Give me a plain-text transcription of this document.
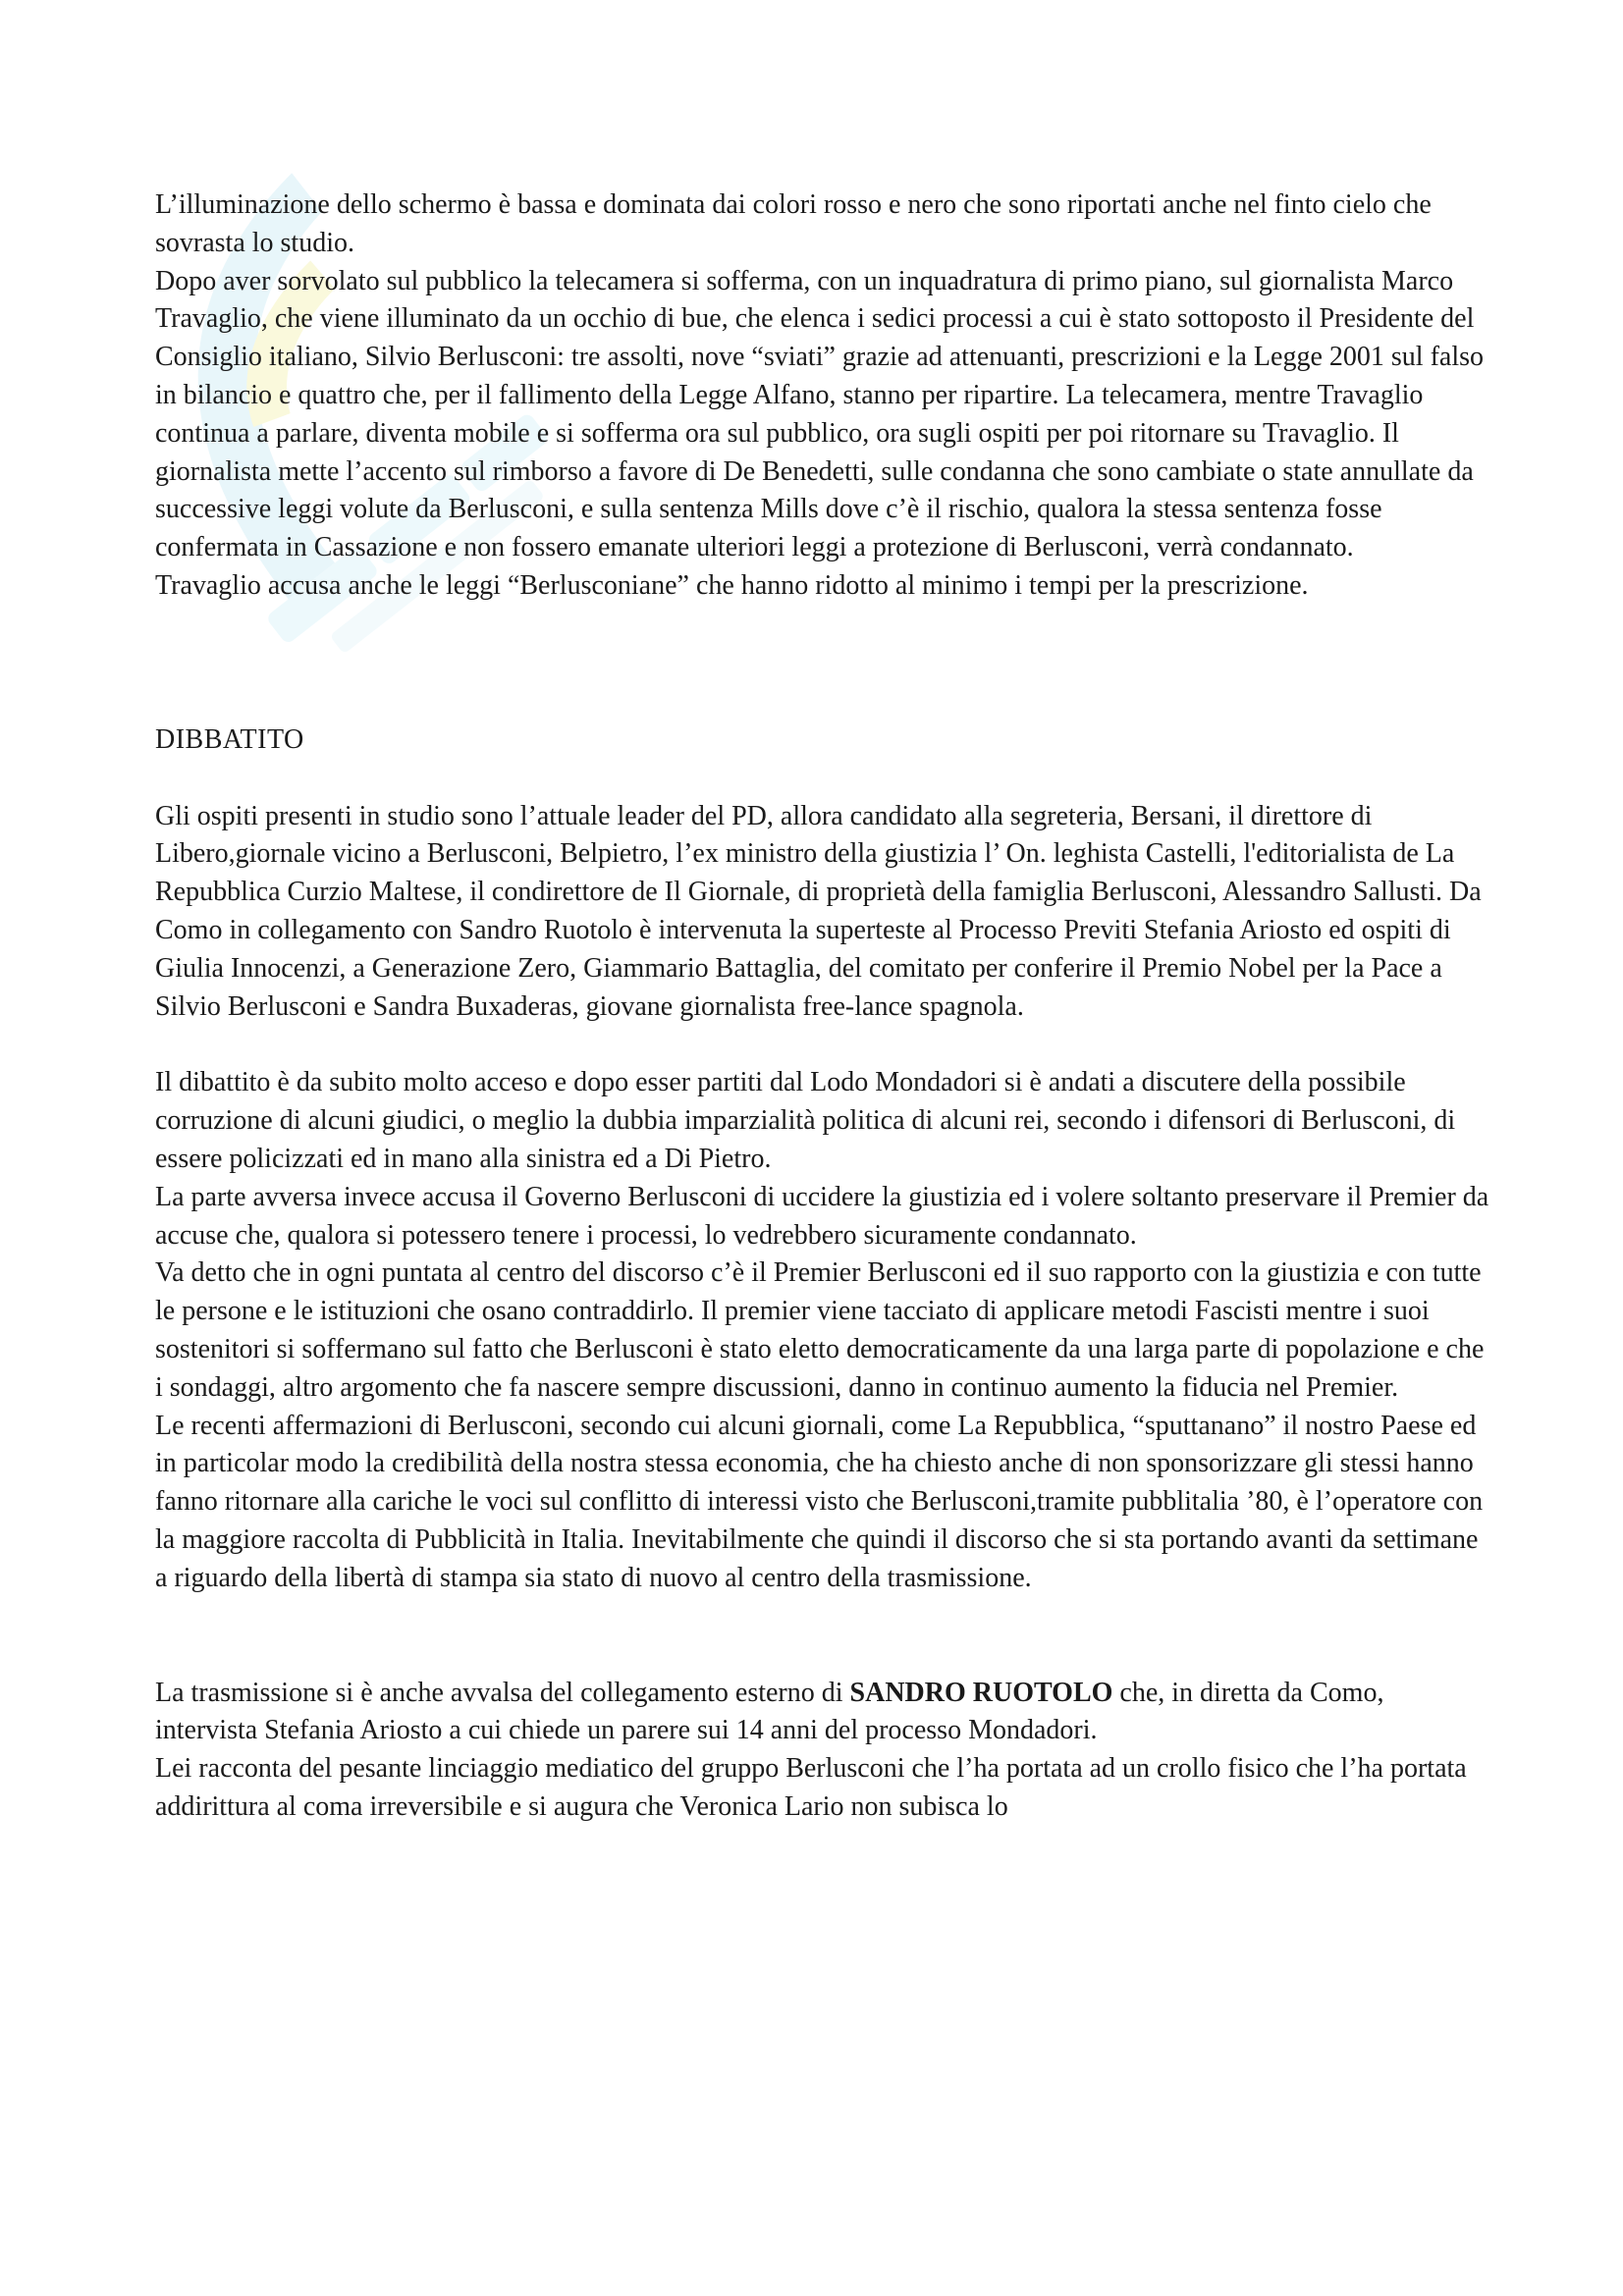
L’illuminazione dello schermo è bassa e dominata dai colori rosso e nero che sono riportati anche nel finto cielo che sovrasta lo studio.

Dopo aver sorvolato sul pubblico la telecamera si sofferma, con un inquadratura di primo piano, sul giornalista Marco Travaglio, che viene illuminato da un occhio di bue, che elenca i sedici processi a cui è stato sottoposto il Presidente del Consiglio italiano, Silvio Berlusconi: tre assolti, nove “sviati” grazie ad attenuanti, prescrizioni e la Legge 2001 sul falso in bilancio e quattro che, per il fallimento della Legge Alfano, stanno per ripartire. La telecamera, mentre Travaglio continua a parlare, diventa mobile e si sofferma ora sul pubblico, ora sugli ospiti per poi ritornare su Travaglio. Il giornalista mette l’accento sul rimborso a favore di De Benedetti, sulle condanna che sono cambiate o state annullate da successive leggi volute da Berlusconi, e sulla sentenza Mills dove c’è il rischio, qualora la stessa sentenza fosse confermata in Cassazione e non fossero emanate ulteriori leggi a protezione di Berlusconi, verrà condannato.

Travaglio accusa anche le leggi “Berlusconiane” che hanno ridotto al minimo i tempi per la prescrizione.

DIBBATITO

Gli ospiti presenti in studio sono l’attuale leader del PD, allora candidato alla segreteria, Bersani, il direttore di Libero,giornale vicino a Berlusconi, Belpietro, l’ex ministro della giustizia l’ On. leghista Castelli, l'editorialista de La Repubblica Curzio Maltese, il condirettore de Il Giornale, di proprietà della famiglia Berlusconi, Alessandro Sallusti. Da Como in collegamento con Sandro Ruotolo è intervenuta la superteste al Processo Previti Stefania Ariosto ed ospiti di Giulia Innocenzi, a Generazione Zero, Giammario Battaglia, del comitato per conferire il Premio Nobel per la Pace a Silvio Berlusconi e Sandra Buxaderas, giovane giornalista free-lance spagnola.

Il dibattito è da subito molto acceso e dopo esser partiti dal Lodo Mondadori si è andati a discutere della possibile corruzione di alcuni giudici, o meglio la dubbia imparzialità politica di alcuni rei, secondo i difensori di Berlusconi, di essere policizzati ed in mano alla sinistra ed a Di Pietro.

La parte avversa invece accusa il Governo Berlusconi di uccidere la giustizia ed i volere soltanto preservare il Premier da accuse che, qualora si potessero tenere i processi, lo vedrebbero sicuramente condannato.

Va detto che in ogni puntata al centro del discorso c’è il Premier Berlusconi ed il suo rapporto con la giustizia e con tutte le persone e le istituzioni che osano contraddirlo. Il premier viene tacciato di applicare metodi Fascisti mentre i suoi sostenitori si soffermano sul fatto che Berlusconi è stato eletto democraticamente da una larga parte di popolazione e che i sondaggi, altro argomento che fa nascere sempre discussioni, danno in continuo aumento la fiducia nel Premier.

Le recenti affermazioni di Berlusconi, secondo cui alcuni giornali, come La Repubblica, “sputtanano” il nostro Paese ed in particolar modo la credibilità della nostra stessa economia, che ha chiesto anche di non sponsorizzare gli stessi hanno fanno ritornare alla cariche le voci sul conflitto di interessi visto che Berlusconi,tramite pubblitalia ’80, è l’operatore con la maggiore raccolta di Pubblicità in Italia. Inevitabilmente che quindi il discorso che si sta portando avanti da settimane a riguardo della libertà di stampa sia stato di nuovo al centro della trasmissione.

La trasmissione si è anche avvalsa del collegamento esterno di SANDRO RUOTOLO che, in diretta da Como, intervista Stefania Ariosto a cui chiede un parere sui 14 anni del processo Mondadori.

Lei racconta del pesante linciaggio mediatico del gruppo Berlusconi che l’ha portata ad un crollo fisico che l’ha portata addirittura al coma irreversibile e si augura che Veronica Lario non subisca lo
